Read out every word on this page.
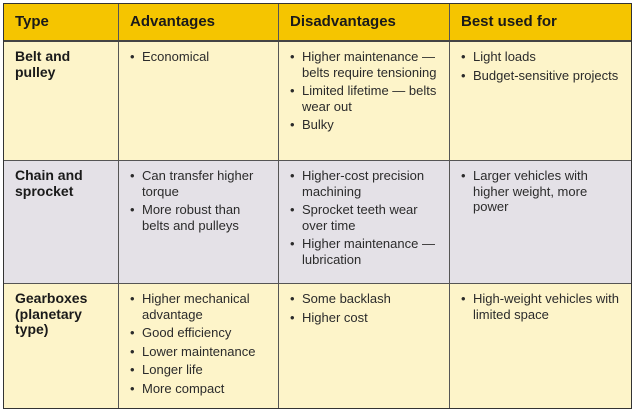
Type	Advantages	Disadvantages	Best used for
Belt and pulley
• Economical
•	Higher maintenance — belts require tensioning
• Limited lifetime — belts wear out
• Bulky
• Light loads
• Budget-sensitive projects
Chain and sprocket
• Can transfer higher torque
• More robust than belts and pulleys
• Higher-cost precision machining
• Sprocket teeth wear over time
• Higher maintenance — lubrication
• Larger vehicles with higher weight, more power
Gearboxes (planetary type)
• Higher mechanical advantage
• Good efficiency
• Lower maintenance
• Longer life
• More compact
• Some backlash
• Higher cost
• High-weight vehicles with limited space
